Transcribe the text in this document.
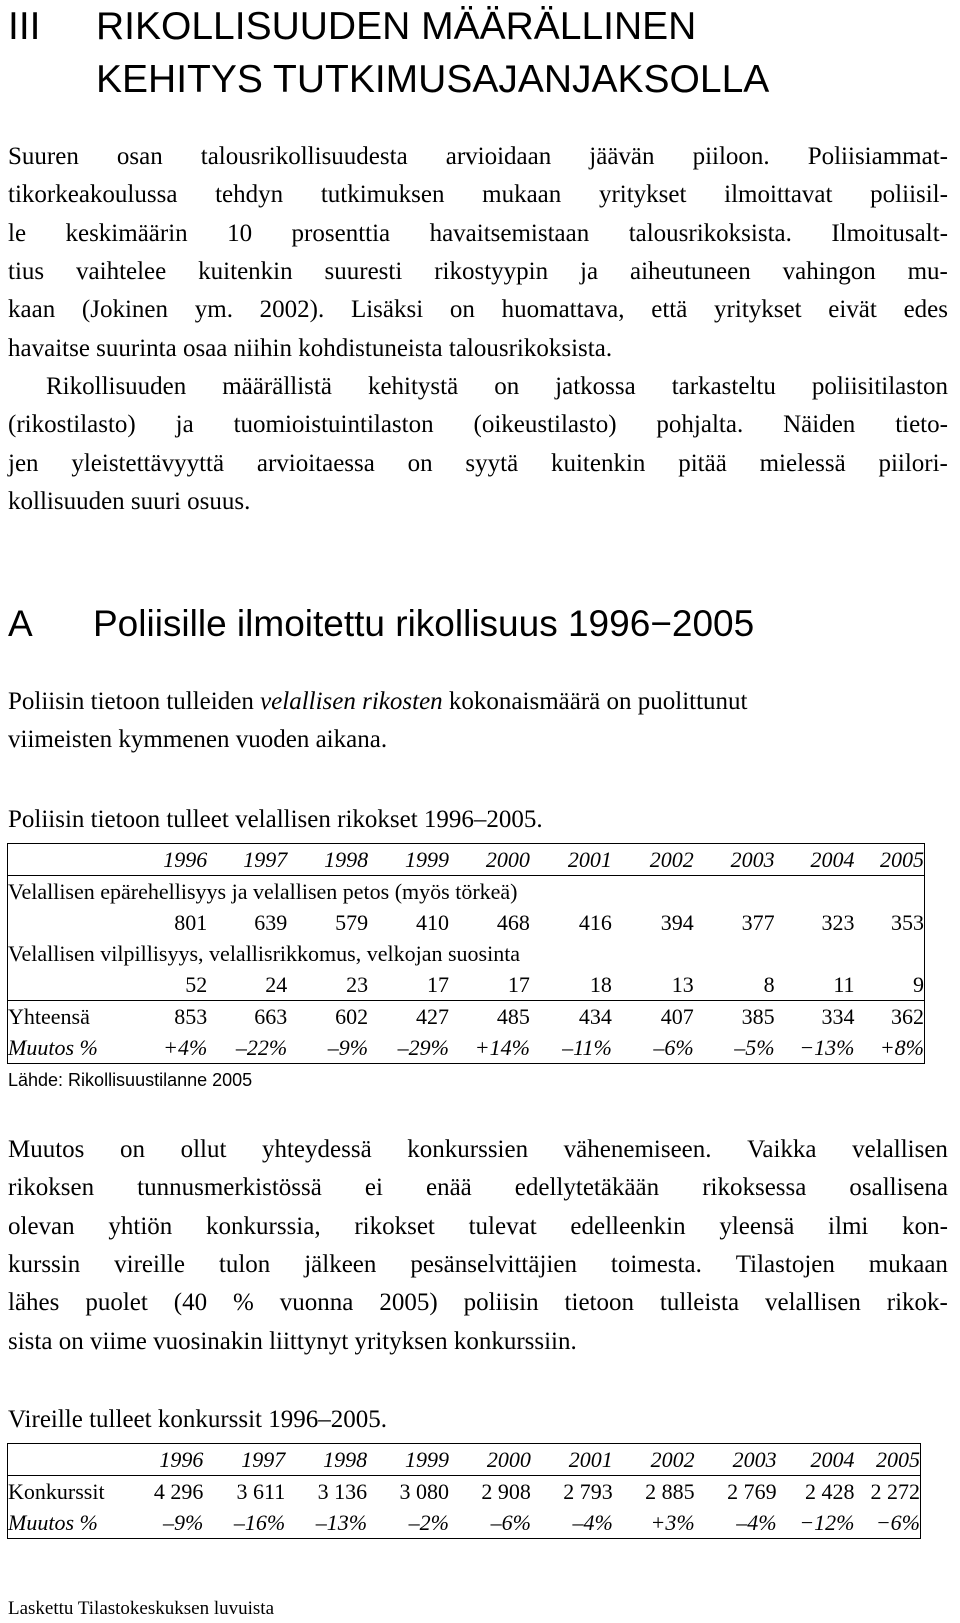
III RIKOLLISUUDEN MÄÄRÄLLINEN
KEHITYS TUTKIMUSAJANJAKSOLLA
Suuren osan talousrikollisuudesta arvioidaan jäävän piiloon. Poliisiammat-
tikorkeakoulussa tehdyn tutkimuksen mukaan yritykset ilmoittavat poliisil-
le keskimäärin 10 prosenttia havaitsemistaan talousrikoksista. Ilmoitusalt-
tius vaihtelee kuitenkin suuresti rikostyypin ja aiheutuneen vahingon mu-
kaan (Jokinen ym. 2002). Lisäksi on huomattava, että yritykset eivät edes
havaitse suurinta osaa niihin kohdistuneista talousrikoksista.
Rikollisuuden määrällistä kehitystä on jatkossa tarkasteltu poliisitilaston
(rikostilasto) ja tuomioistuintilaston (oikeustilasto) pohjalta. Näiden tieto-
jen yleistettävyyttä arvioitaessa on syytä kuitenkin pitää mielessä piilori-
kollisuuden suuri osuus.
A Poliisille ilmoitettu rikollisuus 1996−2005
Poliisin tietoon tulleiden velallisen rikosten kokonaismäärä on puolittunut
viimeisten kymmenen vuoden aikana.
Poliisin tietoon tulleet velallisen rikokset 1996–2005.
	1996	1997	1998	1999	2000	2001	2002	2003	2004	2005
Velallisen epärehellisyys ja velallisen petos (myös törkeä)										
	801	639	579	410	468	416	394	377	323	353
Velallisen vilpillisyys, velallisrikkomus, velkojan suosinta										
	52	24	23	17	17	18	13	8	11	9
Yhteensä	853	663	602	427	485	434	407	385	334	362
Muutos %	+4%	–22%	–9%	–29%	+14%	–11%	–6%	–5%	−13%	+8%
Lähde: Rikollisuustilanne 2005
Muutos on ollut yhteydessä konkurssien vähenemiseen. Vaikka velallisen
rikoksen tunnusmerkistössä ei enää edellytetäkään rikoksessa osallisena
olevan yhtiön konkurssia, rikokset tulevat edelleenkin yleensä ilmi kon-
kurssin vireille tulon jälkeen pesänselvittäjien toimesta. Tilastojen mukaan
lähes puolet (40 % vuonna 2005) poliisin tietoon tulleista velallisen rikok-
sista on viime vuosinakin liittynyt yrityksen konkurssiin.
Vireille tulleet konkurssit 1996–2005.
	1996	1997	1998	1999	2000	2001	2002	2003	2004	2005
Konkurssit	4 296	3 611	3 136	3 080	2 908	2 793	2 885	2 769	2 428	2 272
Muutos %	–9%	–16%	–13%	–2%	–6%	–4%	+3%	–4%	−12%	−6%
Laskettu Tilastokeskuksen luvuista
